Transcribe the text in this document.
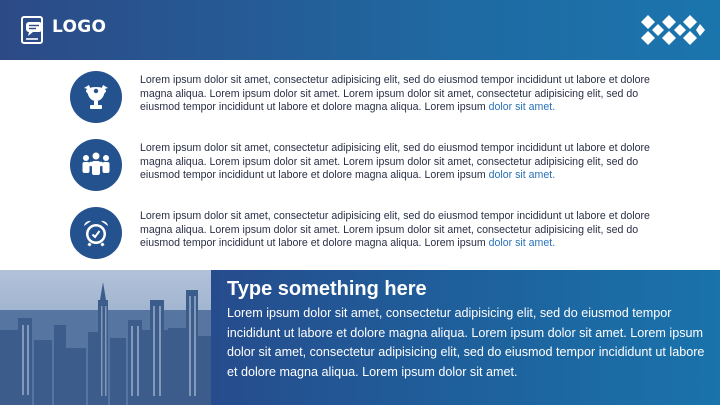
LOGO
Lorem ipsum dolor sit amet, consectetur adipisicing elit, sed do eiusmod tempor incididunt ut labore et dolore magna aliqua. Lorem ipsum dolor sit amet. Lorem ipsum dolor sit amet, consectetur adipisicing elit, sed do eiusmod tempor incididunt ut labore et dolore magna aliqua. Lorem ipsum dolor sit amet.
Lorem ipsum dolor sit amet, consectetur adipisicing elit, sed do eiusmod tempor incididunt ut labore et dolore magna aliqua. Lorem ipsum dolor sit amet. Lorem ipsum dolor sit amet, consectetur adipisicing elit, sed do eiusmod tempor incididunt ut labore et dolore magna aliqua. Lorem ipsum dolor sit amet.
Lorem ipsum dolor sit amet, consectetur adipisicing elit, sed do eiusmod tempor incididunt ut labore et dolore magna aliqua. Lorem ipsum dolor sit amet. Lorem ipsum dolor sit amet, consectetur adipisicing elit, sed do eiusmod tempor incididunt ut labore et dolore magna aliqua. Lorem ipsum dolor sit amet.
Type something here
Lorem ipsum dolor sit amet, consectetur adipisicing elit, sed do eiusmod tempor incididunt ut labore et dolore magna aliqua. Lorem ipsum dolor sit amet. Lorem ipsum dolor sit amet, consectetur adipisicing elit, sed do eiusmod tempor incididunt ut labore et dolore magna aliqua. Lorem ipsum dolor sit amet.
